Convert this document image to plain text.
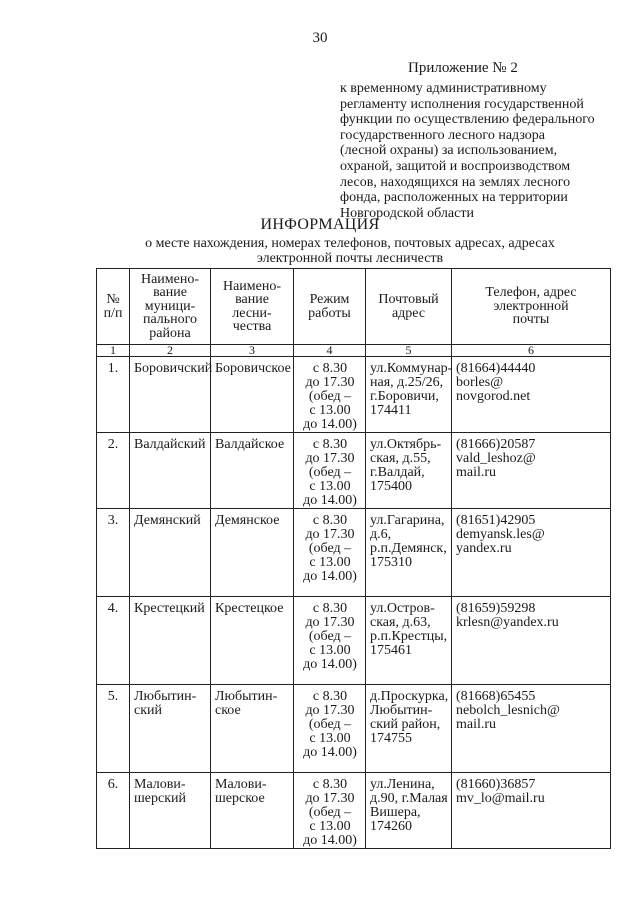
30
Приложение № 2
к временному административному
регламенту исполнения государственной
функции по осуществлению федерального
государственного лесного надзора
(лесной охраны) за использованием,
охраной, защитой и воспроизводством
лесов, находящихся на землях лесного
фонда, расположенных на территории
Новгородской области
ИНФОРМАЦИЯ
о месте нахождения, номерах телефонов, почтовых адресах, адресах
электронной почты лесничеств
№
п/п	Наимено-
вание
муници-
пального
района	Наимено-
вание
лесни-
чества	Режим
работы	Почтовый
адрес	Телефон, адрес
электронной
почты

1	2	3	4	5	6
1.	Боровичский	Боровичское	с 8.30
до 17.30
(обед –
с 13.00
до 14.00)	ул.Коммунар-
ная, д.25/26,
г.Боровичи,
174411	(81664)44440
borles@
novgorod.net

2.	Валдайский	Валдайское	с 8.30
до 17.30
(обед –
с 13.00
до 14.00)	ул.Октябрь-
ская, д.55,
г.Валдай,
175400	(81666)20587
vald_leshoz@
mail.ru

3.	Демянский	Демянское	с 8.30
до 17.30
(обед –
с 13.00
до 14.00)	ул.Гагарина,
д.6,
р.п.Демянск,
175310	(81651)42905
demyansk.les@
yandex.ru

4.	Крестецкий	Крестецкое	с 8.30
до 17.30
(обед –
с 13.00
до 14.00)	ул.Остров-
ская, д.63,
р.п.Крестцы,
175461	(81659)59298
krlesn@yandex.ru

5.	Любытин-
ский	Любытин-
ское	с 8.30
до 17.30
(обед –
с 13.00
до 14.00)	д.Проскурка,
Любытин-
ский район,
174755	(81668)65455
nebolch_lesnich@
mail.ru

6.	Малови-
шерский	Малови-
шерское	с 8.30
до 17.30
(обед –
с 13.00
до 14.00)	ул.Ленина,
д.90, г.Малая
Вишера,
174260	(81660)36857
mv_lo@mail.ru
